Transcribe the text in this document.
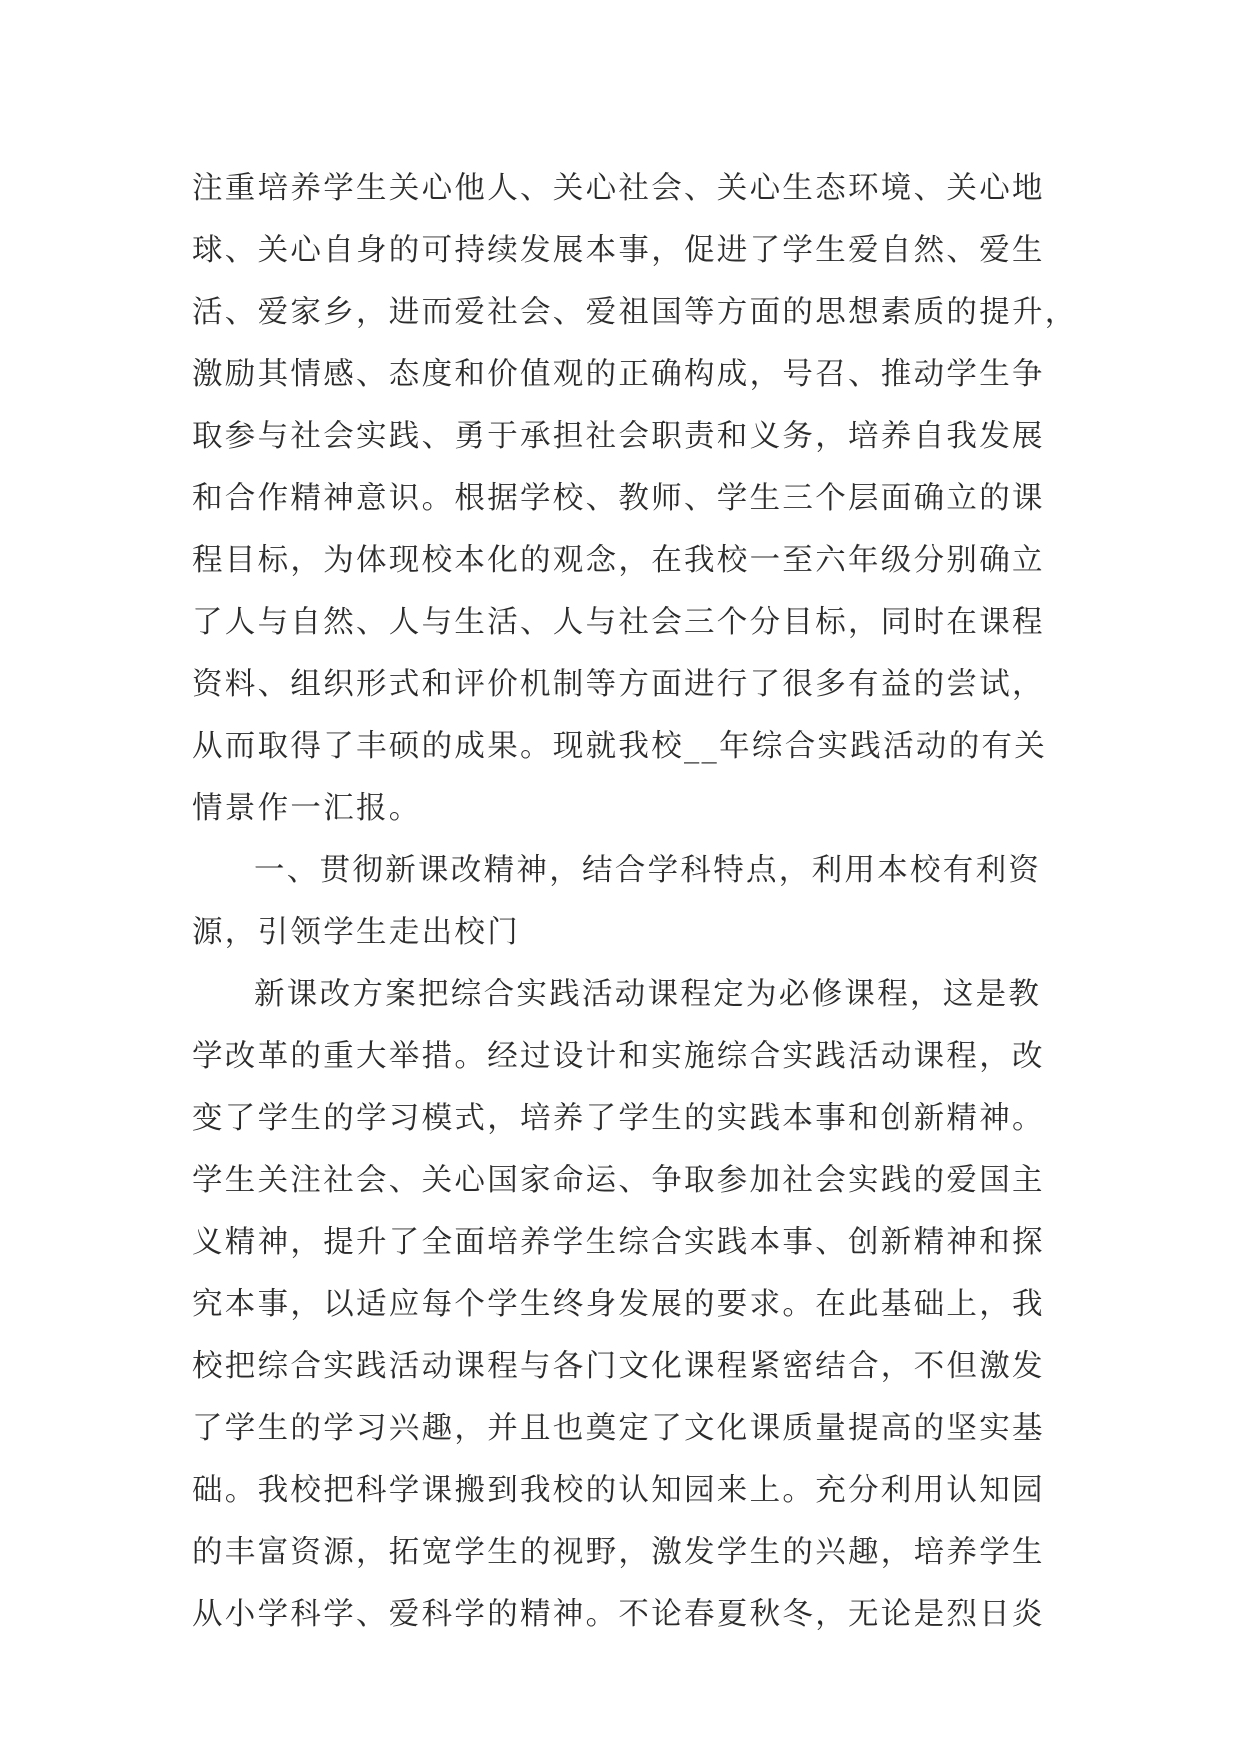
注重培养学生关心他人、关心社会、关心生态环境、关心地
球、关心自身的可持续发展本事，促进了学生爱自然、爱生
活、爱家乡，进而爱社会、爱祖国等方面的思想素质的提升，
激励其情感、态度和价值观的正确构成，号召、推动学生争
取参与社会实践、勇于承担社会职责和义务，培养自我发展
和合作精神意识。根据学校、教师、学生三个层面确立的课
程目标，为体现校本化的观念，在我校一至六年级分别确立
了人与自然、人与生活、人与社会三个分目标，同时在课程
资料、组织形式和评价机制等方面进行了很多有益的尝试，
从而取得了丰硕的成果。现就我校__年综合实践活动的有关
情景作一汇报。
一、贯彻新课改精神，结合学科特点，利用本校有利资
源，引领学生走出校门
新课改方案把综合实践活动课程定为必修课程，这是教
学改革的重大举措。经过设计和实施综合实践活动课程，改
变了学生的学习模式，培养了学生的实践本事和创新精神。
学生关注社会、关心国家命运、争取参加社会实践的爱国主
义精神，提升了全面培养学生综合实践本事、创新精神和探
究本事，以适应每个学生终身发展的要求。在此基础上，我
校把综合实践活动课程与各门文化课程紧密结合，不但激发
了学生的学习兴趣，并且也奠定了文化课质量提高的坚实基
础。我校把科学课搬到我校的认知园来上。充分利用认知园
的丰富资源，拓宽学生的视野，激发学生的兴趣，培养学生
从小学科学、爱科学的精神。不论春夏秋冬，无论是烈日炎
